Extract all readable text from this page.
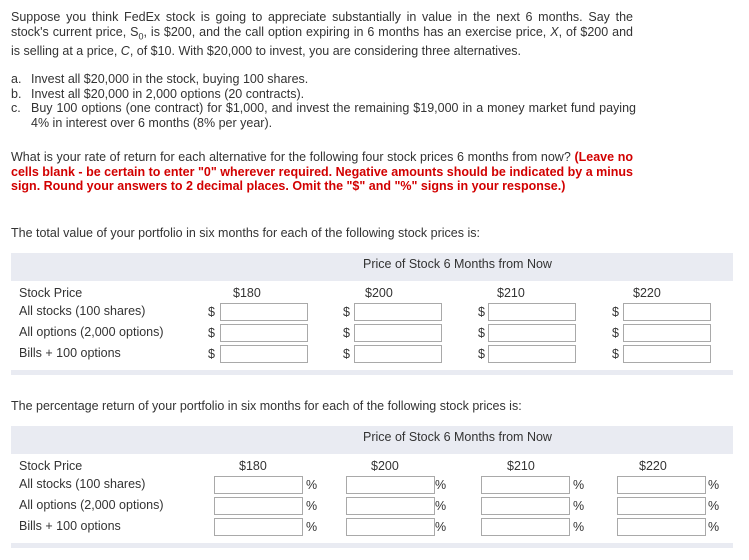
Suppose you think FedEx stock is going to appreciate substantially in value in the next 6 months. Say the stock's current price, $S_0$, is $200, and the call option expiring in 6 months has an exercise price, X, of $200 and is selling at a price, C, of $10. With $20,000 to invest, you are considering three alternatives.

a. Invest all $20,000 in the stock, buying 100 shares.
b. Invest all $20,000 in 2,000 options (20 contracts).
c. Buy 100 options (one contract) for $1,000, and invest the remaining $19,000 in a money market fund paying 4% in interest over 6 months (8% per year).

What is your rate of return for each alternative for the following four stock prices 6 months from now? (Leave no cells blank - be certain to enter "0" wherever required. Negative amounts should be indicated by a minus sign. Round your answers to 2 decimal places. Omit the "$" and "%" signs in your response.)

The total value of your portfolio in six months for each of the following stock prices is:

Price of Stock 6 Months from Now
Stock Price	$180	$200	$210	$220
All stocks (100 shares)	$	$	$	$
All options (2,000 options)	$	$	$	$
Bills + 100 options	$	$	$	$

The percentage return of your portfolio in six months for each of the following stock prices is:

Price of Stock 6 Months from Now
Stock Price	$180	$200	$210	$220
All stocks (100 shares)	%	%	%	%
All options (2,000 options)	%	%	%	%
Bills + 100 options	%	%	%	%
